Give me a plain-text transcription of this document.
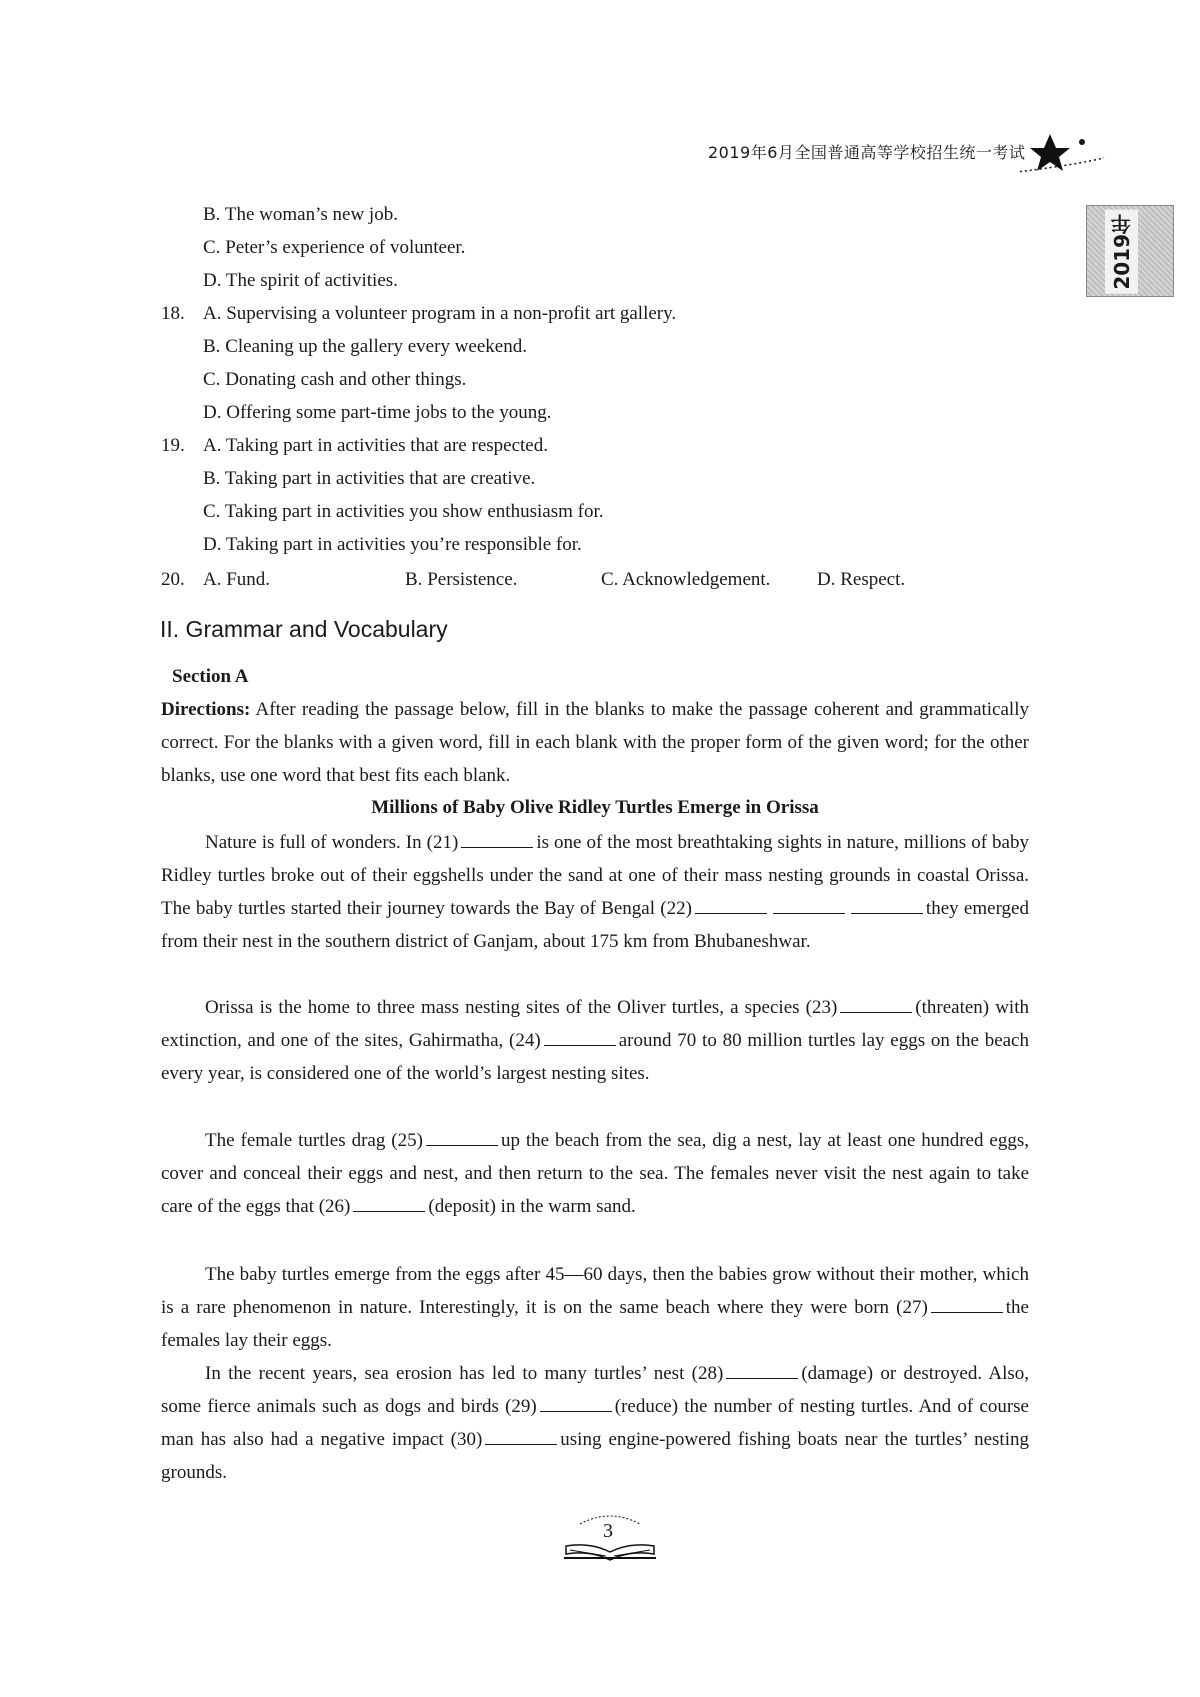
2019年6月全国普通高等学校招生统一考试
2019年
B. The woman’s new job.
C. Peter’s experience of volunteer.
D. The spirit of activities.
18. A. Supervising a volunteer program in a non-profit art gallery.
B. Cleaning up the gallery every weekend.
C. Donating cash and other things.
D. Offering some part-time jobs to the young.
19. A. Taking part in activities that are respected.
B. Taking part in activities that are creative.
C. Taking part in activities you show enthusiasm for.
D. Taking part in activities you’re responsible for.
20. A. Fund.	B. Persistence.	C. Acknowledgement. D. Respect.
II. Grammar and Vocabulary
Section A
Directions: After reading the passage below, fill in the blanks to make the passage coherent and grammatically correct. For the blanks with a given word, fill in each blank with the proper form of the given word; for the other blanks, use one word that best fits each blank.
Millions of Baby Olive Ridley Turtles Emerge in Orissa
Nature is full of wonders. In (21)	is one of the most breathtaking sights in nature, millions of baby Ridley turtles broke out of their eggshells under the sand at one of their mass nesting grounds in coastal Orissa. The baby turtles started their journey towards the Bay of Bengal (22)	they emerged from their nest in the southern district of Ganjam, about 175 km from Bhubaneshwar.
Orissa is the home to three mass nesting sites of the Oliver turtles, a species (23)	(threaten) with extinction, and one of the sites, Gahirmatha, (24)	around 70 to 80 million turtles lay eggs on the beach every year, is considered one of the world’s largest nesting sites.
The female turtles drag (25)	up the beach from the sea, dig a nest, lay at least one hundred eggs, cover and conceal their eggs and nest, and then return to the sea. The females never visit the nest again to take care of the eggs that (26)	(deposit) in the warm sand.
The baby turtles emerge from the eggs after 45—60 days, then the babies grow without their mother, which is a rare phenomenon in nature. Interestingly, it is on the same beach where they were born (27)	the females lay their eggs.
In the recent years, sea erosion has led to many turtles’ nest (28)	(damage) or destroyed. Also, some fierce animals such as dogs and birds (29)	(reduce) the number of nesting turtles. And of course man has also had a negative impact (30)	using engine-powered fishing boats near the turtles’ nesting grounds.
3
